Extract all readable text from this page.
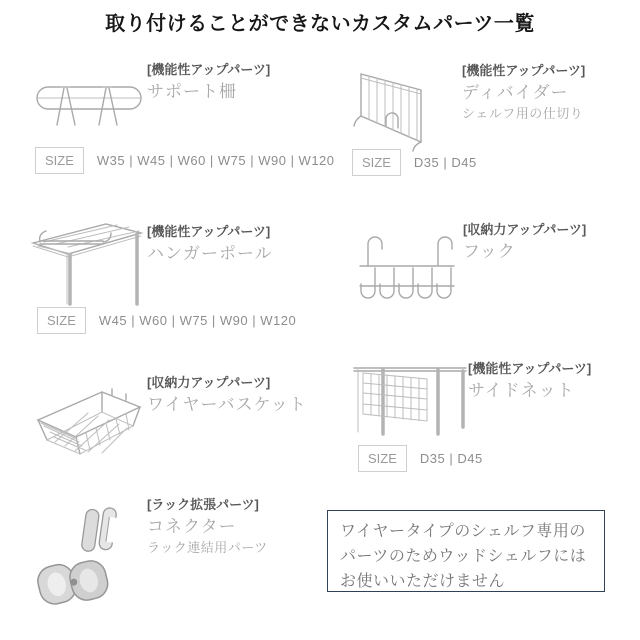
取り付けることができないカスタムパーツ一覧
[機能性アップパーツ]
サポート柵
SIZE	W35 | W45 | W60 | W75 | W90 | W120
[機能性アップパーツ]
ディバイダー
シェルフ用の仕切り
SIZE	D35 | D45
[機能性アップパーツ]
ハンガーポール
SIZE	W45 | W60 | W75 | W90 | W120
[収納力アップパーツ]
フック
[収納力アップパーツ]
ワイヤーバスケット
[機能性アップパーツ]
サイドネット
SIZE	D35 | D45
[ラック拡張パーツ]
コネクター
ラック連結用パーツ
ワイヤータイプのシェルフ専用の
パーツのためウッドシェルフには
お使いいただけません
